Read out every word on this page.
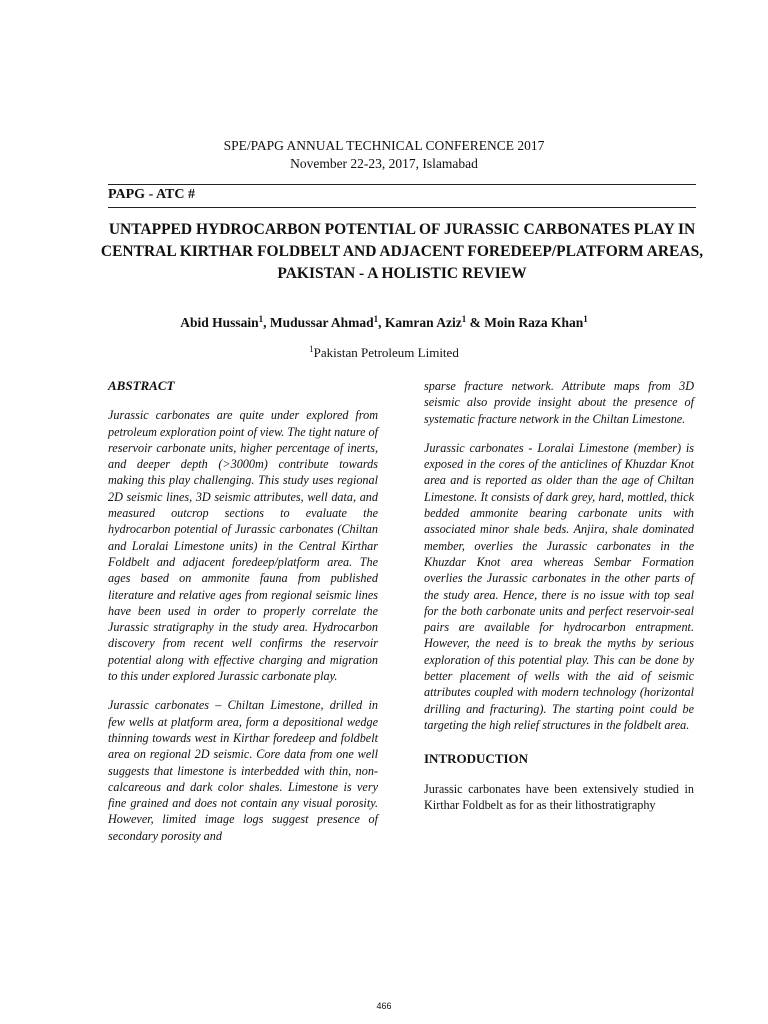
SPE/PAPG ANNUAL TECHNICAL CONFERENCE 2017
November 22-23, 2017, Islamabad
PAPG - ATC #
UNTAPPED HYDROCARBON POTENTIAL OF JURASSIC CARBONATES PLAY IN CENTRAL KIRTHAR FOLDBELT AND ADJACENT FOREDEEP/PLATFORM AREAS, PAKISTAN - A HOLISTIC REVIEW
Abid Hussain$^1$, Mudussar Ahmad$^1$, Kamran Aziz$^1$ & Moin Raza Khan$^1$
$^1$Pakistan Petroleum Limited

ABSTRACT

Jurassic carbonates are quite under explored from petroleum exploration point of view. The tight nature of reservoir carbonate units, higher percentage of inerts, and deeper depth (>3000m) contribute towards making this play challenging. This study uses regional 2D seismic lines, 3D seismic attributes, well data, and measured outcrop sections to evaluate the hydrocarbon potential of Jurassic carbonates (Chiltan and Loralai Limestone units) in the Central Kirthar Foldbelt and adjacent foredeep/platform area. The ages based on ammonite fauna from published literature and relative ages from regional seismic lines have been used in order to properly correlate the Jurassic stratigraphy in the study area. Hydrocarbon discovery from recent well confirms the reservoir potential along with effective charging and migration to this under explored Jurassic carbonate play.

Jurassic carbonates – Chiltan Limestone, drilled in few wells at platform area, form a depositional wedge thinning towards west in Kirthar foredeep and foldbelt area on regional 2D seismic. Core data from one well suggests that limestone is interbedded with thin, non-calcareous and dark color shales. Limestone is very fine grained and does not contain any visual porosity. However, limited image logs suggest presence of secondary porosity and

sparse fracture network. Attribute maps from 3D seismic also provide insight about the presence of systematic fracture network in the Chiltan Limestone.

Jurassic carbonates - Loralai Limestone (member) is exposed in the cores of the anticlines of Khuzdar Knot area and is reported as older than the age of Chiltan Limestone. It consists of dark grey, hard, mottled, thick bedded ammonite bearing carbonate units with associated minor shale beds. Anjira, shale dominated member, overlies the Jurassic carbonates in the Khuzdar Knot area whereas Sembar Formation overlies the Jurassic carbonates in the other parts of the study area. Hence, there is no issue with top seal for the both carbonate units and perfect reservoir-seal pairs are available for hydrocarbon entrapment. However, the need is to break the myths by serious exploration of this potential play. This can be done by better placement of wells with the aid of seismic attributes coupled with modern technology (horizontal drilling and fracturing). The starting point could be targeting the high relief structures in the foldbelt area.

INTRODUCTION

Jurassic carbonates have been extensively studied in Kirthar Foldbelt as for as their lithostratigraphy

466
